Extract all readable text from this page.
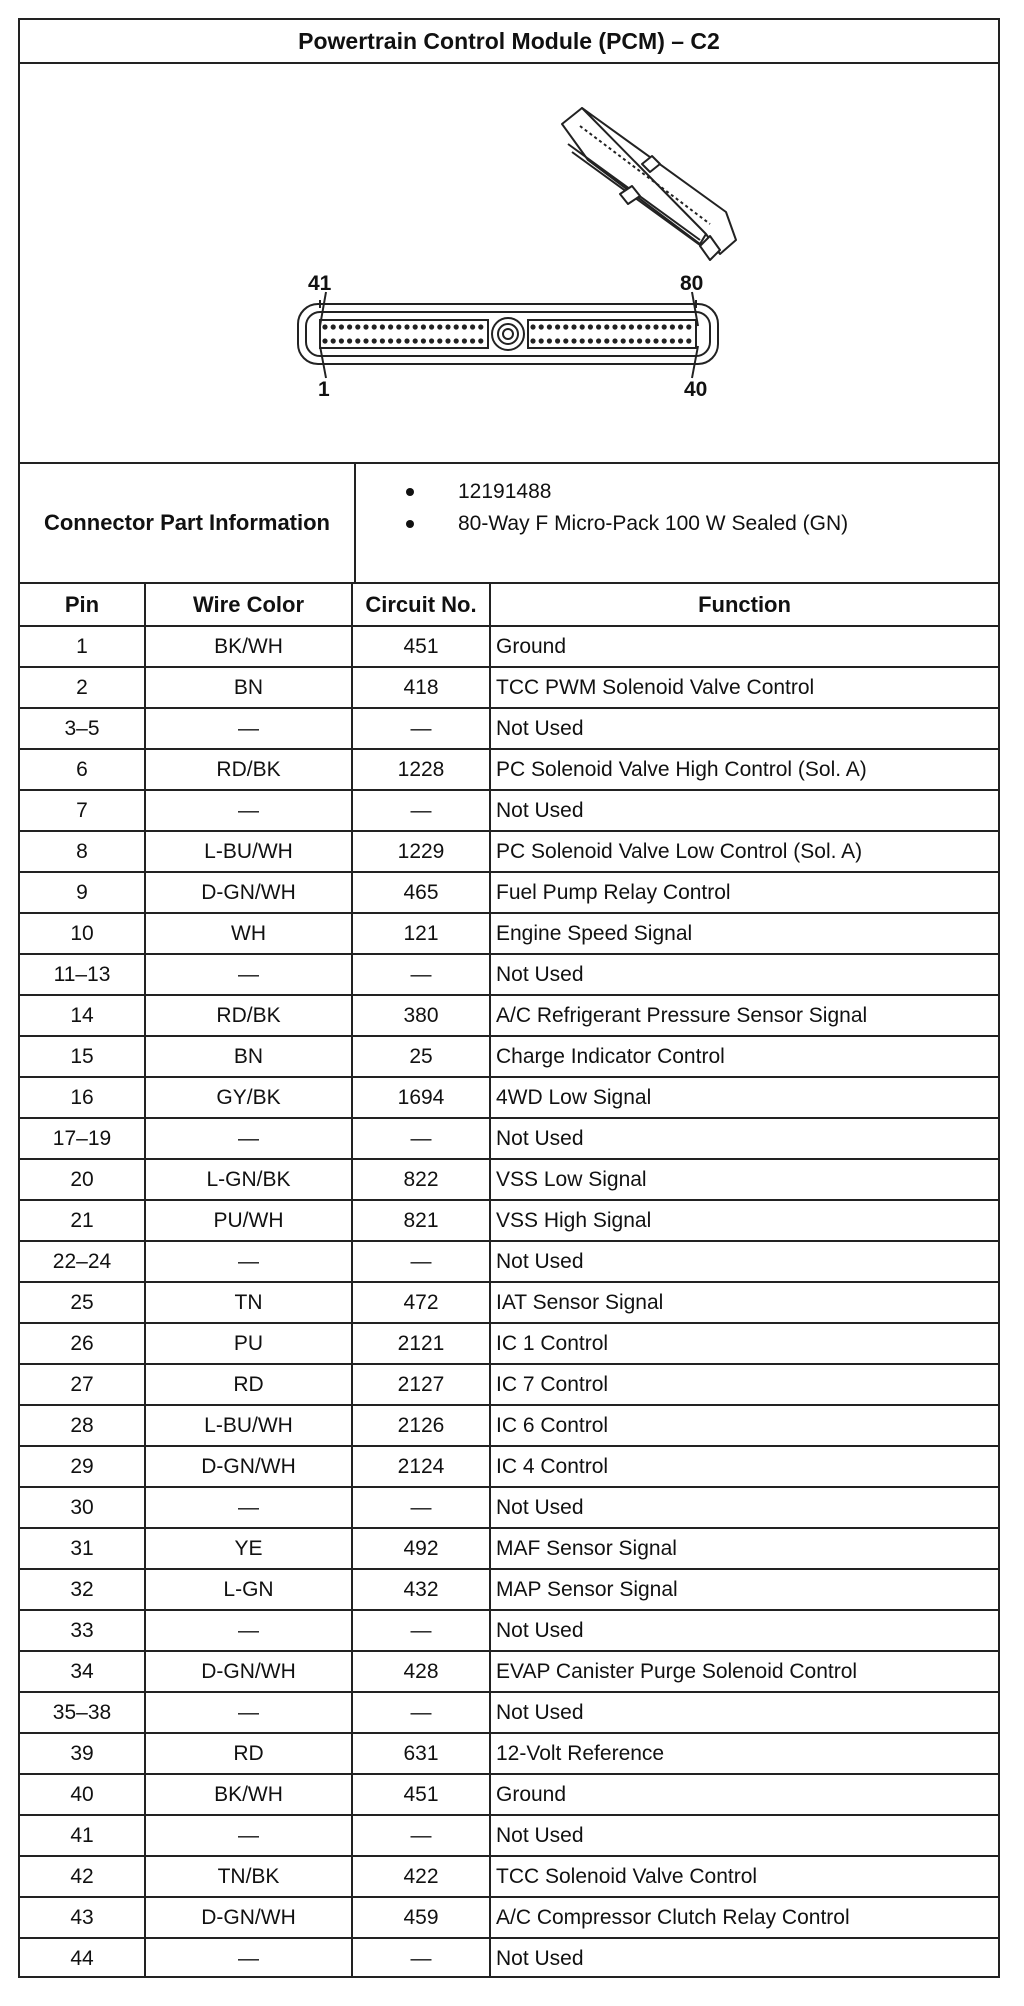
Powertrain Control Module (PCM) – C2
41	80
1	40
Connector Part Information
12191488
80-Way F Micro-Pack 100 W Sealed (GN)
Pin	Wire Color	Circuit No.	Function
1	BK/WH	451	Ground
2	BN	418	TCC PWM Solenoid Valve Control
3–5	—	—	Not Used
6	RD/BK	1228	PC Solenoid Valve High Control (Sol. A)
7	—	—	Not Used
8	L-BU/WH	1229	PC Solenoid Valve Low Control (Sol. A)
9	D-GN/WH	465	Fuel Pump Relay Control
10	WH	121	Engine Speed Signal
11–13	—	—	Not Used
14	RD/BK	380	A/C Refrigerant Pressure Sensor Signal
15	BN	25	Charge Indicator Control
16	GY/BK	1694	4WD Low Signal
17–19	—	—	Not Used
20	L-GN/BK	822	VSS Low Signal
21	PU/WH	821	VSS High Signal
22–24	—	—	Not Used
25	TN	472	IAT Sensor Signal
26	PU	2121	IC 1 Control
27	RD	2127	IC 7 Control
28	L-BU/WH	2126	IC 6 Control
29	D-GN/WH	2124	IC 4 Control
30	—	—	Not Used
31	YE	492	MAF Sensor Signal
32	L-GN	432	MAP Sensor Signal
33	—	—	Not Used
34	D-GN/WH	428	EVAP Canister Purge Solenoid Control
35–38	—	—	Not Used
39	RD	631	12-Volt Reference
40	BK/WH	451	Ground
41	—	—	Not Used
42	TN/BK	422	TCC Solenoid Valve Control
43	D-GN/WH	459	A/C Compressor Clutch Relay Control
44	—	—	Not Used
